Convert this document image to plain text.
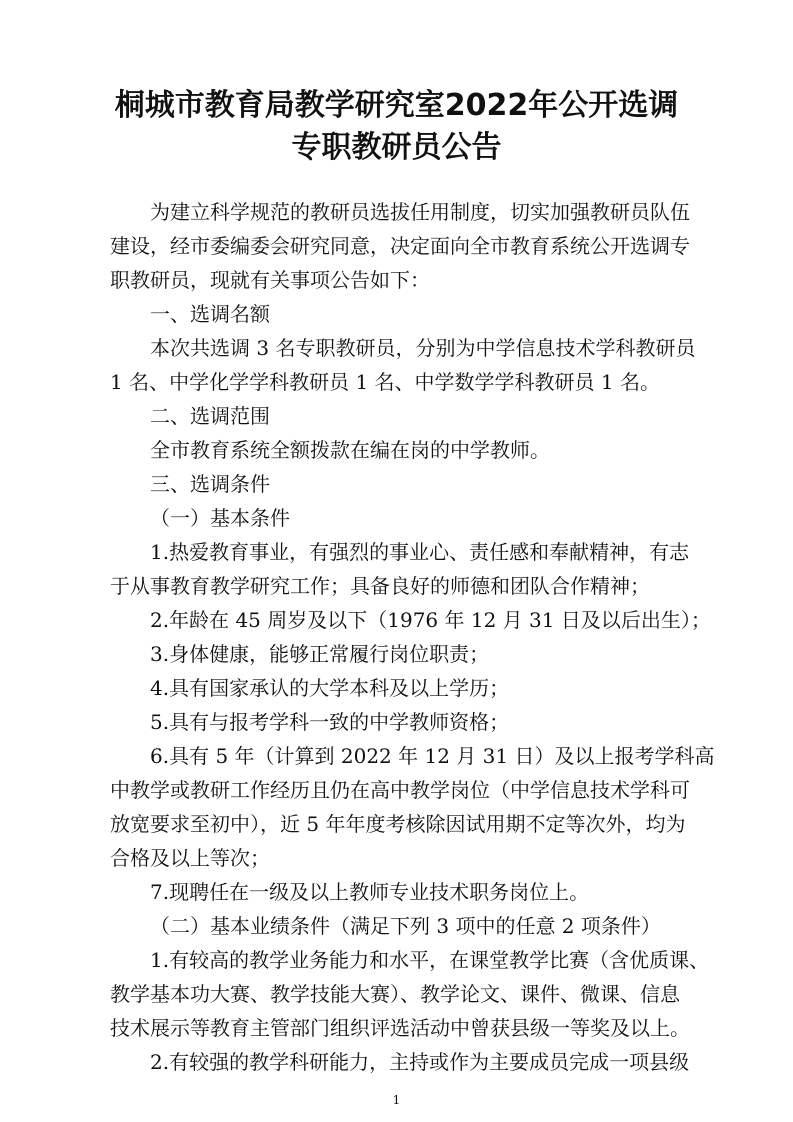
桐城市教育局教学研究室2022年公开选调
专职教研员公告
为建立科学规范的教研员选拔任用制度，切实加强教研员队伍
建设，经市委编委会研究同意，决定面向全市教育系统公开选调专
职教研员，现就有关事项公告如下：
一、选调名额
本次共选调 3 名专职教研员，分别为中学信息技术学科教研员
1 名、中学化学学科教研员 1 名、中学数学学科教研员 1 名。
二、选调范围
全市教育系统全额拨款在编在岗的中学教师。
三、选调条件
（一）基本条件
1.热爱教育事业，有强烈的事业心、责任感和奉献精神，有志
于从事教育教学研究工作；具备良好的师德和团队合作精神；
2.年龄在 45 周岁及以下（1976 年 12 月 31 日及以后出生）；
3.身体健康，能够正常履行岗位职责；
4.具有国家承认的大学本科及以上学历；
5.具有与报考学科一致的中学教师资格；
6.具有 5 年（计算到 2022 年 12 月 31 日）及以上报考学科高
中教学或教研工作经历且仍在高中教学岗位（中学信息技术学科可
放宽要求至初中），近 5 年年度考核除因试用期不定等次外，均为
合格及以上等次；
7.现聘任在一级及以上教师专业技术职务岗位上。
（二）基本业绩条件（满足下列 3 项中的任意 2 项条件）
1.有较高的教学业务能力和水平，在课堂教学比赛（含优质课、
教学基本功大赛、教学技能大赛）、教学论文、课件、微课、信息
技术展示等教育主管部门组织评选活动中曾获县级一等奖及以上。
2.有较强的教学科研能力，主持或作为主要成员完成一项县级
1
